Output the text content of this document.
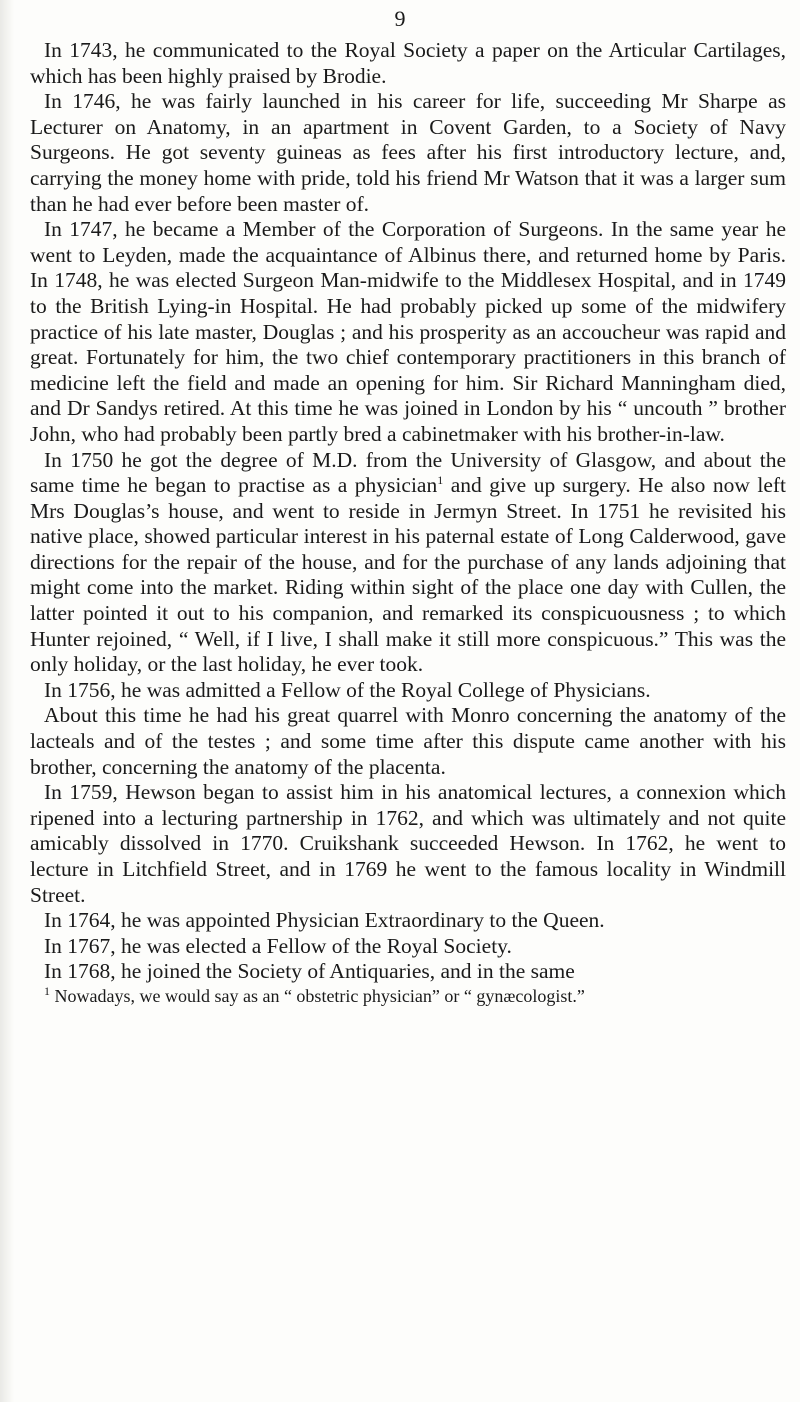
9

In 1743, he communicated to the Royal Society a paper on the Articular Cartilages, which has been highly praised by Brodie.

In 1746, he was fairly launched in his career for life, succeeding Mr Sharpe as Lecturer on Anatomy, in an apartment in Covent Garden, to a Society of Navy Surgeons. He got seventy guineas as fees after his first introductory lecture, and, carrying the money home with pride, told his friend Mr Watson that it was a larger sum than he had ever before been master of.

In 1747, he became a Member of the Corporation of Surgeons. In the same year he went to Leyden, made the acquaintance of Albinus there, and returned home by Paris. In 1748, he was elected Surgeon Man-midwife to the Middlesex Hospital, and in 1749 to the British Lying-in Hospital. He had probably picked up some of the midwifery practice of his late master, Douglas ; and his prosperity as an accoucheur was rapid and great. Fortunately for him, the two chief contemporary practitioners in this branch of medicine left the field and made an opening for him. Sir Richard Manningham died, and Dr Sandys retired. At this time he was joined in London by his “ uncouth ” brother John, who had probably been partly bred a cabinetmaker with his brother-in-law.

In 1750 he got the degree of M.D. from the University of Glasgow, and about the same time he began to practise as a physician$^1$ and give up surgery. He also now left Mrs Douglas’s house, and went to reside in Jermyn Street. In 1751 he revisited his native place, showed particular interest in his paternal estate of Long Calderwood, gave directions for the repair of the house, and for the purchase of any lands adjoining that might come into the market. Riding within sight of the place one day with Cullen, the latter pointed it out to his companion, and remarked its conspicuousness ; to which Hunter rejoined, “ Well, if I live, I shall make it still more conspicuous.” This was the only holiday, or the last holiday, he ever took.

In 1756, he was admitted a Fellow of the Royal College of Physicians.

About this time he had his great quarrel with Monro concerning the anatomy of the lacteals and of the testes ; and some time after this dispute came another with his brother, concerning the anatomy of the placenta.

In 1759, Hewson began to assist him in his anatomical lectures, a connexion which ripened into a lecturing partnership in 1762, and which was ultimately and not quite amicably dissolved in 1770. Cruikshank succeeded Hewson. In 1762, he went to lecture in Litchfield Street, and in 1769 he went to the famous locality in Windmill Street.

In 1764, he was appointed Physician Extraordinary to the Queen.

In 1767, he was elected a Fellow of the Royal Society.

In 1768, he joined the Society of Antiquaries, and in the same

$^1$ Nowadays, we would say as an “ obstetric physician” or “ gynæcologist.”
